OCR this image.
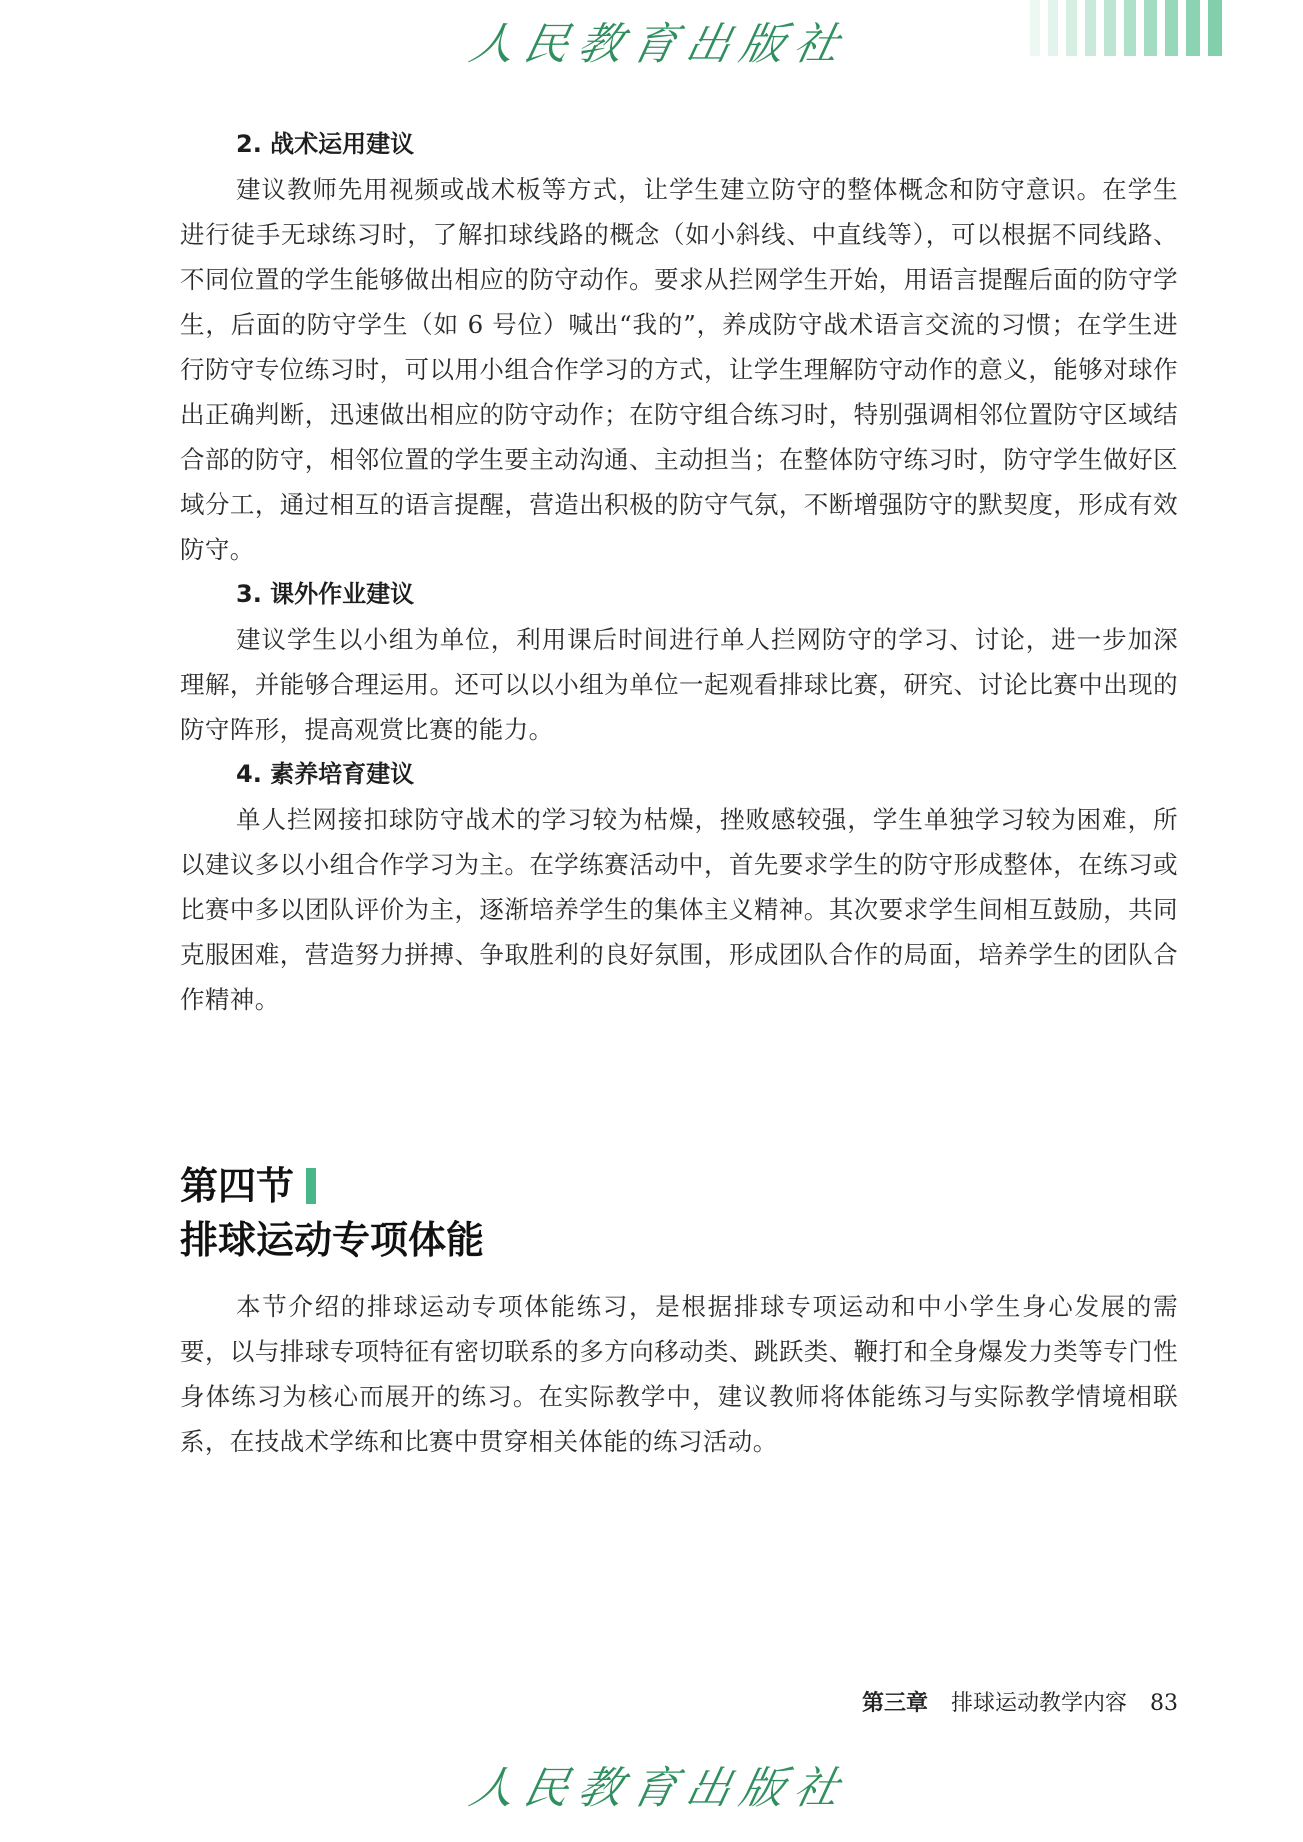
人民教育出版社
2. 战术运用建议

建议教师先用视频或战术板等方式，让学生建立防守的整体概念和防守意识。在学生进行徒手无球练习时，了解扣球线路的概念（如小斜线、中直线等），可以根据不同线路、不同位置的学生能够做出相应的防守动作。要求从拦网学生开始，用语言提醒后面的防守学生，后面的防守学生（如 6 号位）喊出“我的”，养成防守战术语言交流的习惯；在学生进行防守专位练习时，可以用小组合作学习的方式，让学生理解防守动作的意义，能够对球作出正确判断，迅速做出相应的防守动作；在防守组合练习时，特别强调相邻位置防守区域结合部的防守，相邻位置的学生要主动沟通、主动担当；在整体防守练习时，防守学生做好区域分工，通过相互的语言提醒，营造出积极的防守气氛，不断增强防守的默契度，形成有效防守。

3. 课外作业建议

建议学生以小组为单位，利用课后时间进行单人拦网防守的学习、讨论，进一步加深理解，并能够合理运用。还可以以小组为单位一起观看排球比赛，研究、讨论比赛中出现的防守阵形，提高观赏比赛的能力。

4. 素养培育建议

单人拦网接扣球防守战术的学习较为枯燥，挫败感较强，学生单独学习较为困难，所以建议多以小组合作学习为主。在学练赛活动中，首先要求学生的防守形成整体，在练习或比赛中多以团队评价为主，逐渐培养学生的集体主义精神。其次要求学生间相互鼓励，共同克服困难，营造努力拼搏、争取胜利的良好氛围，形成团队合作的局面，培养学生的团队合作精神。

第四节
排球运动专项体能

本节介绍的排球运动专项体能练习，是根据排球专项运动和中小学生身心发展的需要，以与排球专项特征有密切联系的多方向移动类、跳跃类、鞭打和全身爆发力类等专门性身体练习为核心而展开的练习。在实际教学中，建议教师将体能练习与实际教学情境相联系，在技战术学练和比赛中贯穿相关体能的练习活动。

第三章 排球运动教学内容 83
人民教育出版社
